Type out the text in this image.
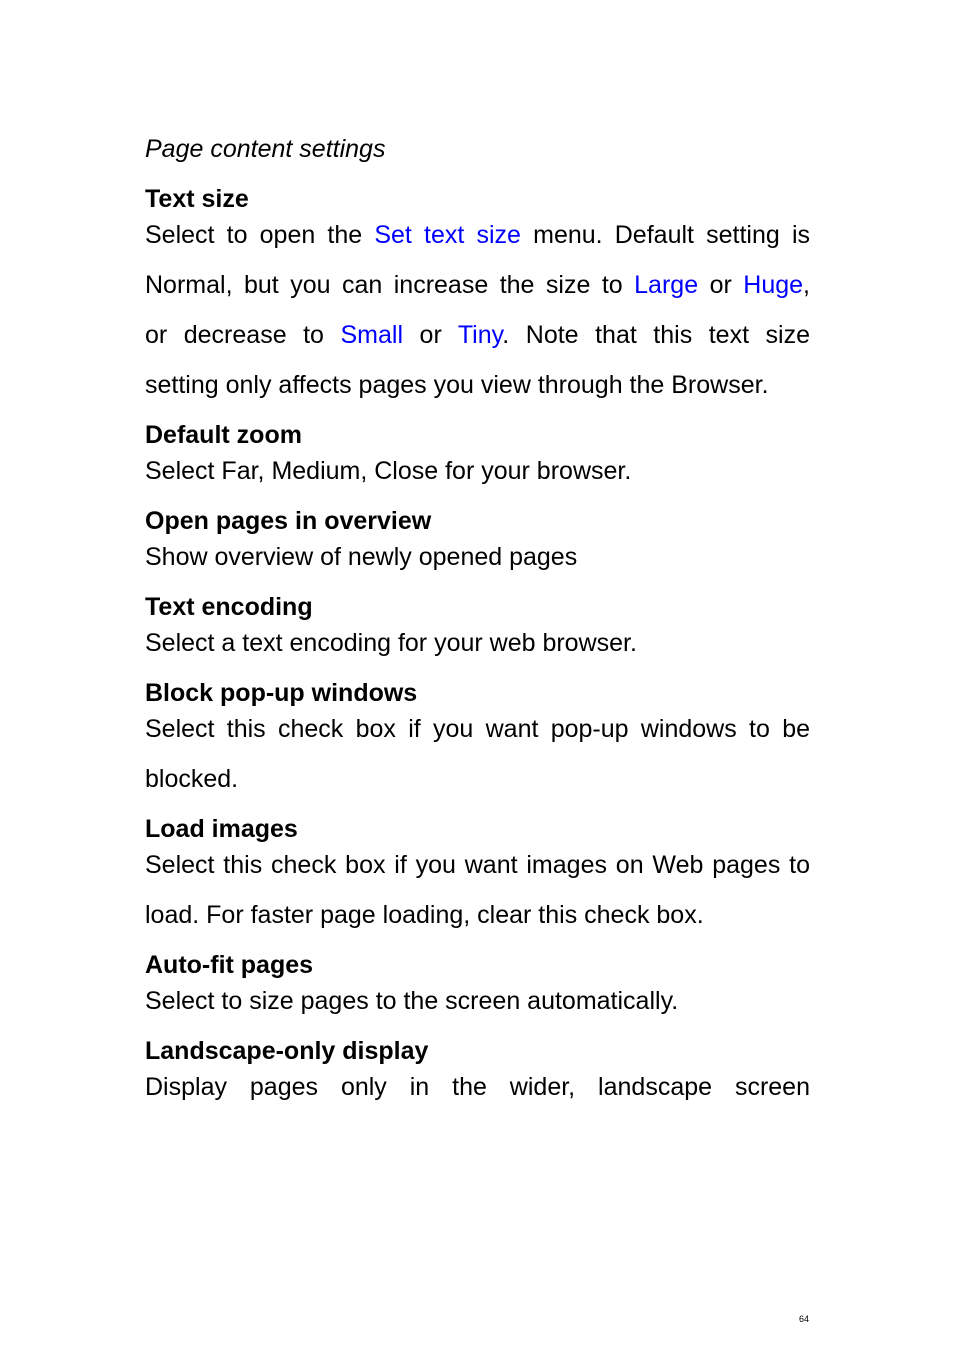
Page content settings
Text size
Select to open the Set text size menu. Default setting is
Normal, but you can increase the size to Large or Huge,
or decrease to Small or Tiny. Note that this text size
setting only affects pages you view through the Browser.
Default zoom
Select Far, Medium, Close for your browser.
Open pages in overview
Show overview of newly opened pages
Text encoding
Select a text encoding for your web browser.
Block pop-up windows
Select this check box if you want pop-up windows to be
blocked.
Load images
Select this check box if you want images on Web pages to
load. For faster page loading, clear this check box.
Auto-fit pages
Select to size pages to the screen automatically.
Landscape-only display
Display pages only in the wider, landscape screen
64
